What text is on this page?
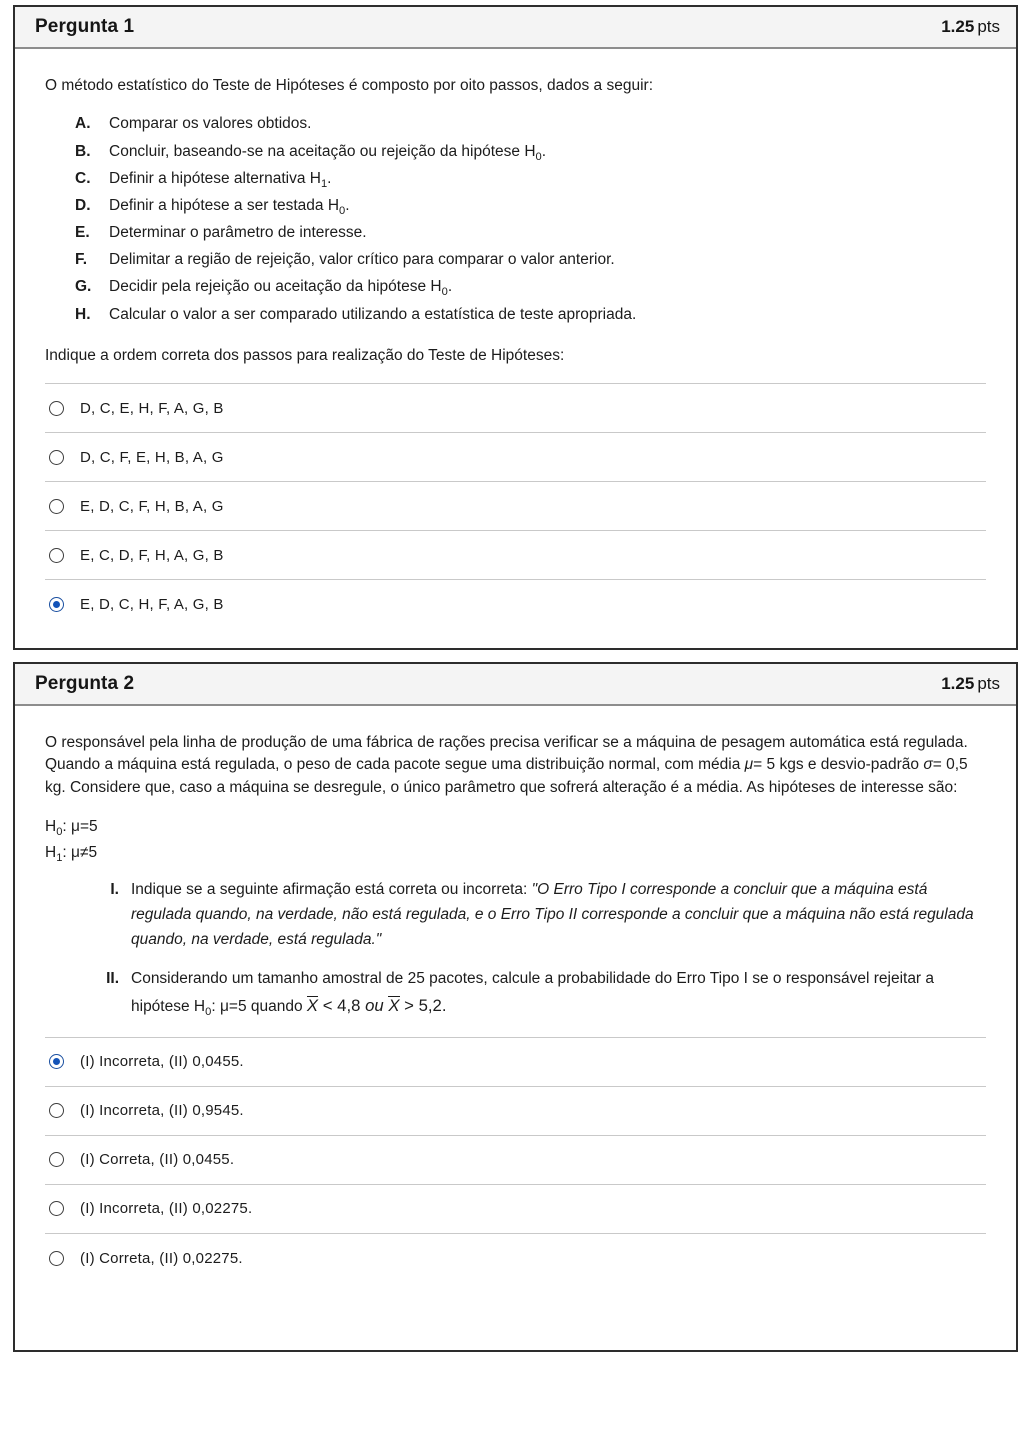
Pergunta 1	1.25 pts

O método estatístico do Teste de Hipóteses é composto por oito passos, dados a seguir:

A.	Comparar os valores obtidos.
B.	Concluir, baseando-se na aceitação ou rejeição da hipótese $H_0$.
C.	Definir a hipótese alternativa $H_1$.
D.	Definir a hipótese a ser testada $H_0$.
E.	Determinar o parâmetro de interesse.
F.	Delimitar a região de rejeição, valor crítico para comparar o valor anterior.
G.	Decidir pela rejeição ou aceitação da hipótese $H_0$.
H.	Calcular o valor a ser comparado utilizando a estatística de teste apropriada.

Indique a ordem correta dos passos para realização do Teste de Hipóteses:

D, C, E, H, F, A, G, B
D, C, F, E, H, B, A, G
E, D, C, F, H, B, A, G
E, C, D, F, H, A, G, B
E, D, C, H, F, A, G, B
Pergunta 2	1.25 pts

O responsável pela linha de produção de uma fábrica de rações precisa verificar se a máquina de pesagem automática está regulada. Quando a máquina está regulada, o peso de cada pacote segue uma distribuição normal, com média μ= 5 kgs e desvio-padrão σ= 0,5 kg. Considere que, caso a máquina se desregule, o único parâmetro que sofrerá alteração é a média. As hipóteses de interesse são:

$H_0$: μ=5
$H_1$: μ≠5
I. Indique se a seguinte afirmação está correta ou incorreta: "O Erro Tipo I corresponde a concluir que a máquina está regulada quando, na verdade, não está regulada, e o Erro Tipo II corresponde a concluir que a máquina não está regulada quando, na verdade, está regulada."
II. Considerando um tamanho amostral de 25 pacotes, calcule a probabilidade do Erro Tipo I se o responsável rejeitar a hipótese $H_0$: μ=5 quando X < 4,8 ou X > 5,2.
(I) Incorreta, (II) 0,0455.
(I) Incorreta, (II) 0,9545.
(I) Correta, (II) 0,0455.
(I) Incorreta, (II) 0,02275.
(I) Correta, (II) 0,02275.
